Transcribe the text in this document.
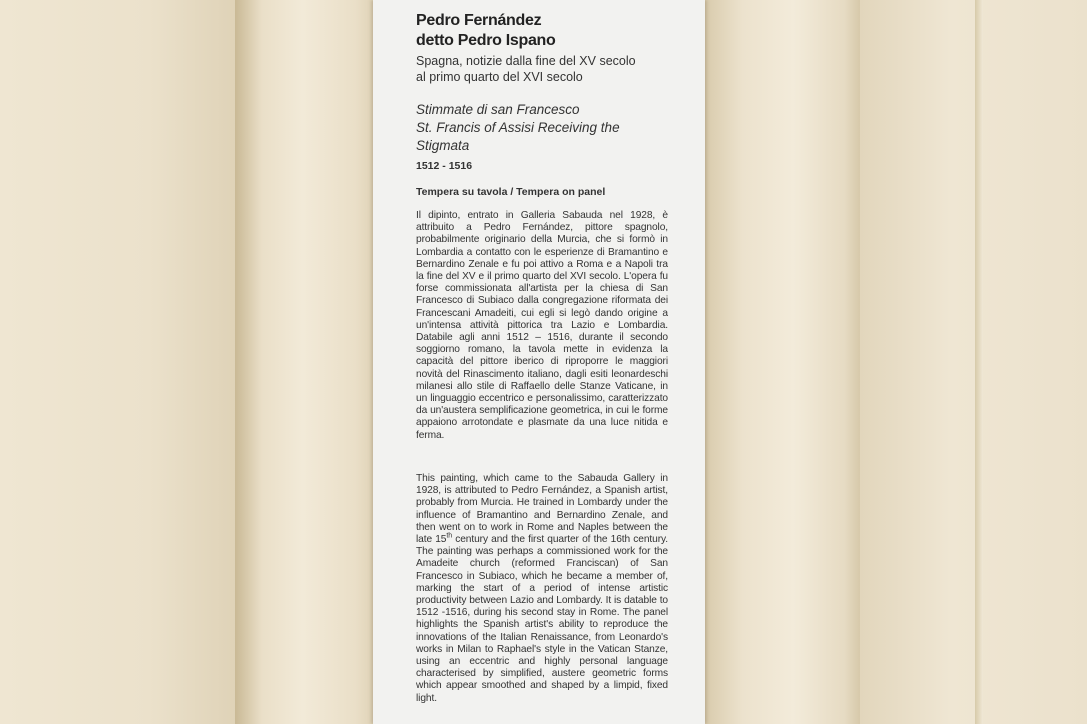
Pedro Fernández
detto Pedro Ispano
Spagna, notizie dalla fine del XV secolo
al primo quarto del XVI secolo
Stimmate di san Francesco
St. Francis of Assisi Receiving the Stigmata
1512 - 1516
Tempera su tavola / Tempera on panel
Il dipinto, entrato in Galleria Sabauda nel 1928, è attribuito a Pedro Fernández, pittore spagnolo, probabilmente originario della Murcia, che si formò in Lombardia a contatto con le esperienze di Bramantino e Bernardino Zenale e fu poi attivo a Roma e a Napoli tra la fine del XV e il primo quarto del XVI secolo. L'opera fu forse commissionata all'artista per la chiesa di San Francesco di Subiaco dalla congregazione riformata dei Francescani Amadeiti, cui egli si legò dando origine a un'intensa attività pittorica tra Lazio e Lombardia. Databile agli anni 1512 – 1516, durante il secondo soggiorno romano, la tavola mette in evidenza la capacità del pittore iberico di riproporre le maggiori novità del Rinascimento italiano, dagli esiti leonardeschi milanesi allo stile di Raffaello delle Stanze Vaticane, in un linguaggio eccentrico e personalissimo, caratterizzato da un'austera semplificazione geometrica, in cui le forme appaiono arrotondate e plasmate da una luce nitida e ferma.
This painting, which came to the Sabauda Gallery in 1928, is attributed to Pedro Fernández, a Spanish artist, probably from Murcia. He trained in Lombardy under the influence of Bramantino and Bernardino Zenale, and then went on to work in Rome and Naples between the late 15th century and the first quarter of the 16th century. The painting was perhaps a commissioned work for the Amadeite church (reformed Franciscan) of San Francesco in Subiaco, which he became a member of, marking the start of a period of intense artistic productivity between Lazio and Lombardy. It is datable to 1512 -1516, during his second stay in Rome. The panel highlights the Spanish artist's ability to reproduce the innovations of the Italian Renaissance, from Leonardo's works in Milan to Raphael's style in the Vatican Stanze, using an eccentric and highly personal language characterised by simplified, austere geometric forms which appear smoothed and shaped by a limpid, fixed light.
